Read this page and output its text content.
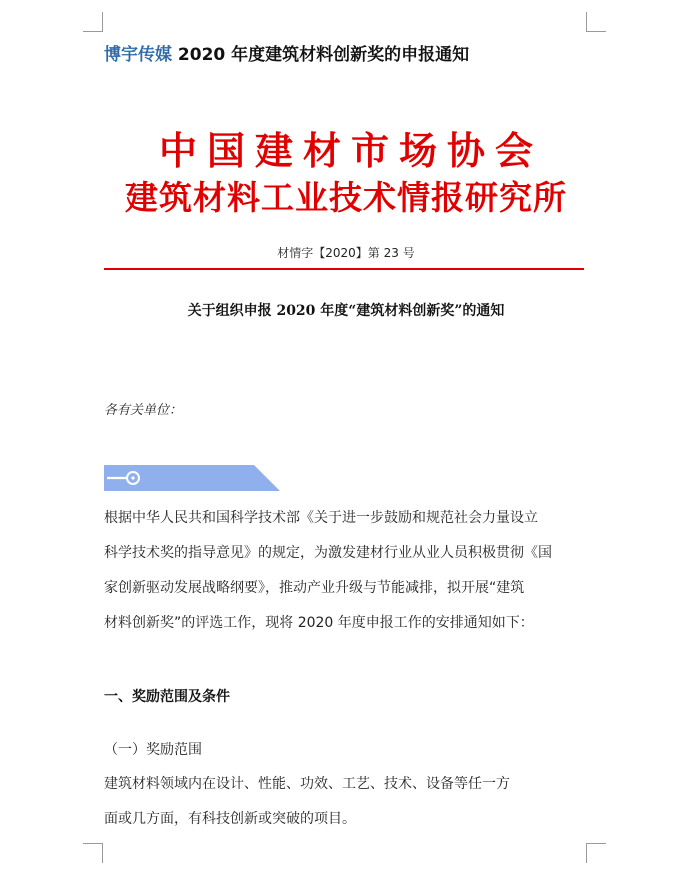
博宇传媒 2020 年度建筑材料创新奖的申报通知
中国建材市场协会
建筑材料工业技术情报研究所
材情字【2020】第 23 号
关于组织申报 2020 年度“建筑材料创新奖”的通知
各有关单位：
根据中华人民共和国科学技术部《关于进一步鼓励和规范社会力量设立
科学技术奖的指导意见》的规定，为激发建材行业从业人员积极贯彻《国
家创新驱动发展战略纲要》，推动产业升级与节能减排，拟开展“建筑
材料创新奖”的评选工作，现将 2020 年度申报工作的安排通知如下：
一、奖励范围及条件
（一）奖励范围
建筑材料领域内在设计、性能、功效、工艺、技术、设备等任一方
面或几方面，有科技创新或突破的项目。
